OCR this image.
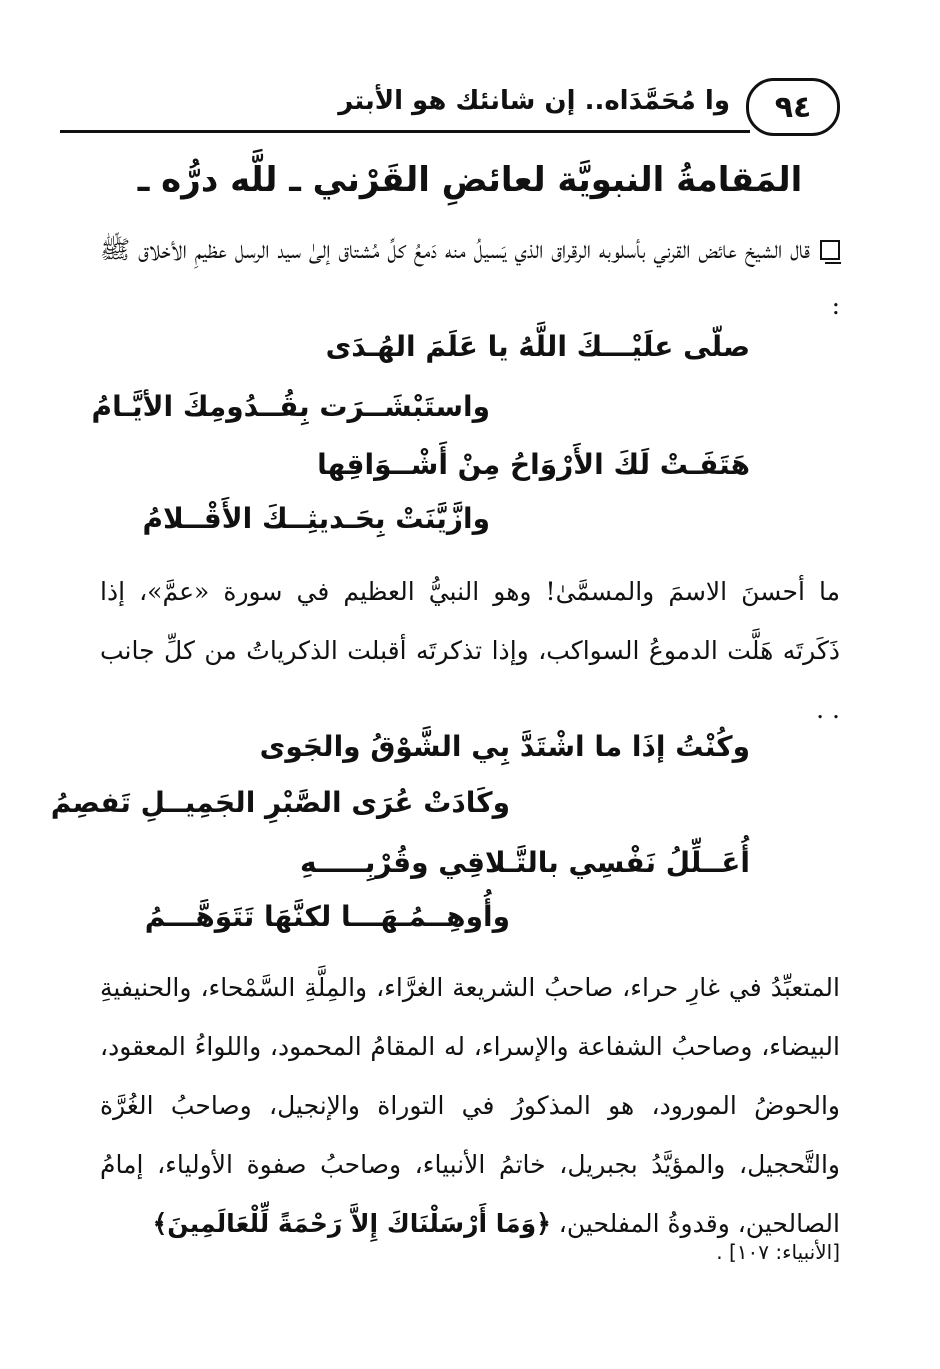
٩٤
وا مُحَمَّدَاه.. إن شانئك هو الأبتر
المَقامةُ النبويَّة لعائضِ القَرْني ـ للَّه درُّه ـ
قال الشيخ عائض القرني بأسلوبه الرقراق الذي يَسيلُ منه دَمعُ كلِّ مُشتاق إلىٰ سيد الرسل عظيمِ الأخلاق ﷺ :
صلّى علَيْـــكَ اللَّهُ يا عَلَمَ الهُـدَى
واستَبْشَــرَت بِقُــدُومِكَ الأيَّـامُ
هَتَفَـتْ لَكَ الأَرْوَاحُ مِنْ أَشْــوَاقِها
وازَّيَّنَتْ بِحَـديثِــكَ الأَقْــلامُ
ما أحسنَ الاسمَ والمسمَّىٰ! وهو النبيُّ العظيم في سورة «عمَّ»، إذا ذَكَرتَه هَلَّت الدموعُ السواكب، وإذا تذكرتَه أقبلت الذكرياتُ من كلِّ جانب . .
وكُنْتُ إذَا ما اشْتَدَّ بِي الشَّوْقُ والجَوى
وكَادَتْ عُرَى الصَّبْرِ الجَمِيــلِ تَفصِمُ
أُعَــلِّلُ نَفْسِي بالتَّـلاقِي وقُرْبِـــــهِ
وأُوهِــمُـهَـــا لكنَّهَا تَتَوَهَّـــمُ
المتعبِّدُ في غارِ حراء، صاحبُ الشريعة الغرَّاء، والمِلَّةِ السَّمْحاء، والحنيفيةِ البيضاء، وصاحبُ الشفاعة والإسراء، له المقامُ المحمود، واللواءُ المعقود، والحوضُ المورود، هو المذكورُ في التوراة والإنجيل، وصاحبُ الغُرَّة والتَّحجيل، والمؤيَّدُ بجبريل، خاتمُ الأنبياء، وصاحبُ صفوة الأولياء، إمامُ الصالحين، وقدوةُ المفلحين، ﴿وَمَا أَرْسَلْنَاكَ إِلاَّ رَحْمَةً لِّلْعَالَمِينَ﴾
[الأنبياء: ١٠٧] .
